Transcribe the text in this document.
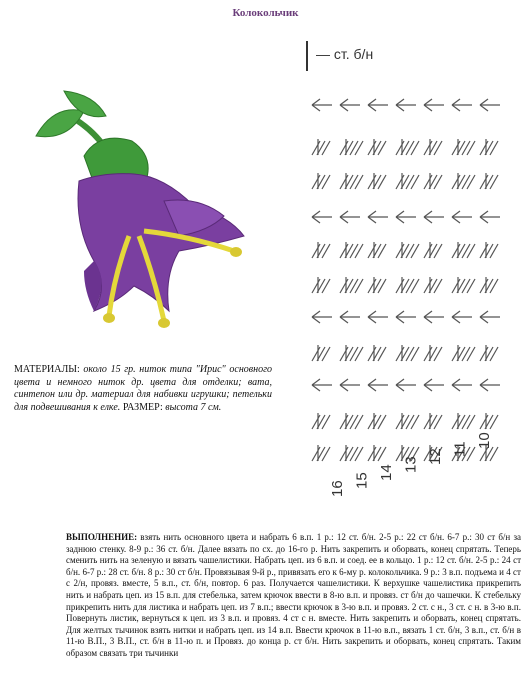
Колокольчик
— ст. б/н
МАТЕРИАЛЫ: около 15 гр. ниток типа "Ирис" основного цвета и немного ниток др. цвета для отделки; вата, синтепон или др. материал для набивки игрушки; петельки для подвешивания к елке. РАЗМЕР: высота 7 см.
16 15 14 13 12 11
10
ВЫПОЛНЕНИЕ: взять нить основного цвета и набрать 6 в.п. 1 р.: 12 ст. б/н. 2-5 р.: 22 ст б/н. 6-7 р.: 30 ст б/н за заднюю стенку. 8-9 р.: 36 ст. б/н. Далее вязать по сх. до 16-го р. Нить закрепить и оборвать, конец спрятать. Теперь сменить нить на зеленую и вязать чашелистики. Набрать цеп. из 6 в.п. и соед. ее в кольцо. 1 р.: 12 ст. б/н. 2-5 р.: 24 ст б/н. 6-7 р.: 28 ст. б/н. 8 р.: 30 ст б/н. Провязывая 9-й р., привязать его к 6-му р. колокольчика. 9 р.: 3 в.п. подъема и 4 ст с 2/н, провяз. вместе, 5 в.п., ст. б/н, повтор. 6 раз. Получается чашелистики. К верхушке чашелистика прикрепить нить и набрать цеп. из 15 в.п. для стебелька, затем крючок ввести в 8-ю в.п. и провяз. ст б/н до чашечки. К стебельку прикрепить нить для листика и набрать цеп. из 7 в.п.; ввести крючок в 3-ю в.п. и провяз. 2 ст. с н., 3 ст. с н. в 3-ю в.п. Повернуть листик, вернуться к цеп. из 3 в.п. и провяз. 4 ст с н. вместе. Нить закрепить и оборвать, конец спрятать. Для желтых тычинок взять нитки и набрать цеп. из 14 в.п. Ввести крючок в 11-ю в.п., вязать 1 ст. б/н, 3 в.п., ст. б/н в 11-ю В.П., 3 В.П., ст. б/н в 11-ю п. и Провяз. до конца р. ст б/н. Нить закрепить и оборвать, конец спрятать. Таким образом связать три тычинки
